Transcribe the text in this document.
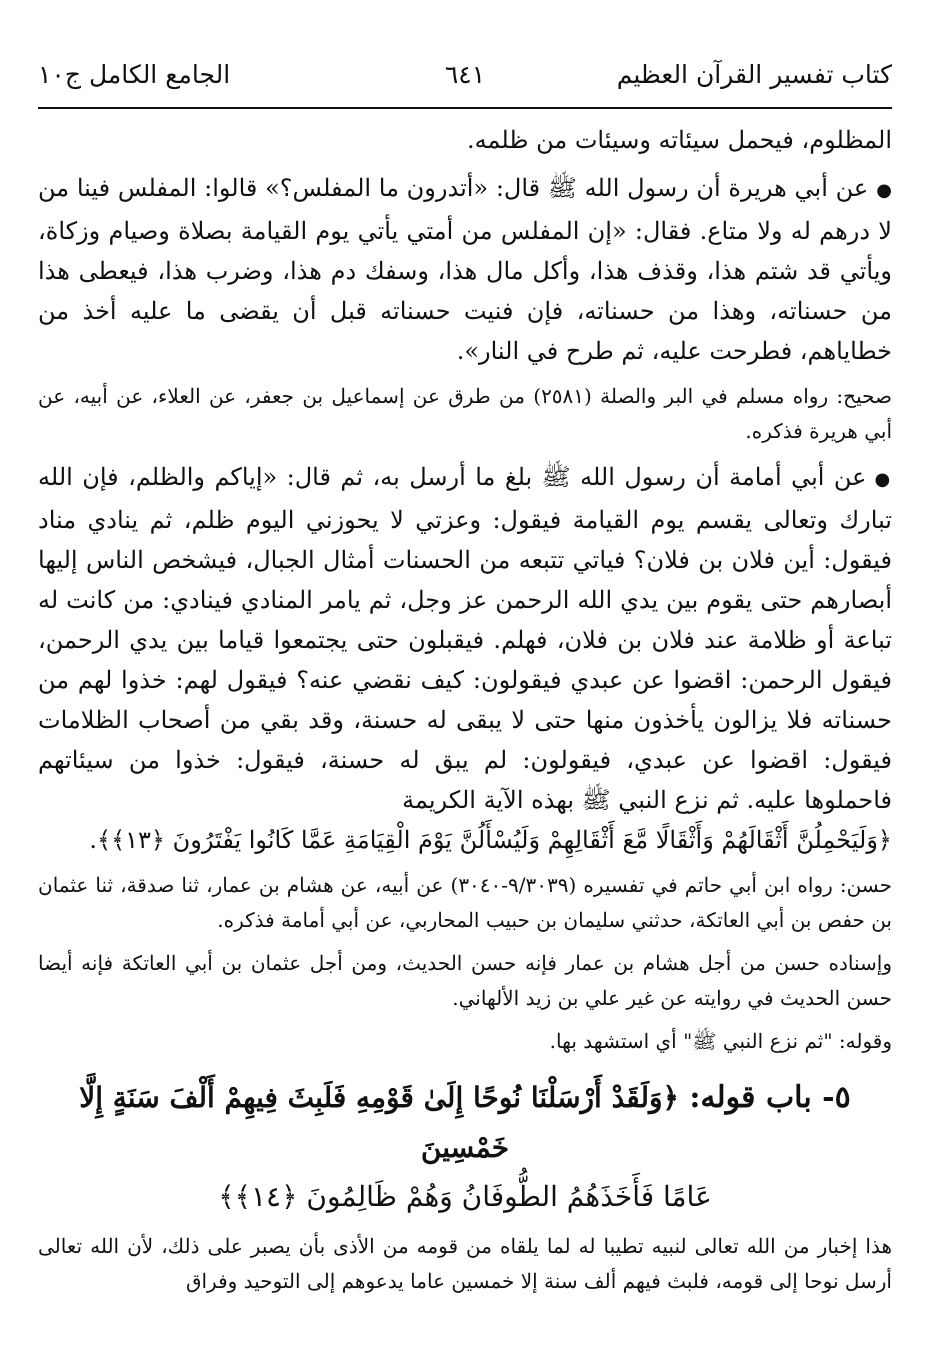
كتاب تفسير القرآن العظيم
٦٤١
الجامع الكامل ج١٠

المظلوم، فيحمل سيئاته وسيئات من ظلمه.

●عن أبي هريرة أن رسول الله ﷺ قال: «أتدرون ما المفلس؟» قالوا: المفلس فينا من لا درهم له ولا متاع. فقال: «إن المفلس من أمتي يأتي يوم القيامة بصلاة وصيام وزكاة، ويأتي قد شتم هذا، وقذف هذا، وأكل مال هذا، وسفك دم هذا، وضرب هذا، فيعطى هذا من حسناته، وهذا من حسناته، فإن فنيت حسناته قبل أن يقضى ما عليه أخذ من خطاياهم، فطرحت عليه، ثم طرح في النار».

صحيح: رواه مسلم في البر والصلة (٢٥٨١) من طرق عن إسماعيل بن جعفر، عن العلاء، عن أبيه، عن أبي هريرة فذكره.

●عن أبي أمامة أن رسول الله ﷺ بلغ ما أرسل به، ثم قال: «إياكم والظلم، فإن الله تبارك وتعالى يقسم يوم القيامة فيقول: وعزتي لا يحوزني اليوم ظلم، ثم ينادي مناد فيقول: أين فلان بن فلان؟ فياتي تتبعه من الحسنات أمثال الجبال، فيشخص الناس إليها أبصارهم حتى يقوم بين يدي الله الرحمن عز وجل، ثم يامر المنادي فينادي: من كانت له تباعة أو ظلامة عند فلان بن فلان، فهلم. فيقبلون حتى يجتمعوا قياما بين يدي الرحمن، فيقول الرحمن: اقضوا عن عبدي فيقولون: كيف نقضي عنه؟ فيقول لهم: خذوا لهم من حسناته فلا يزالون يأخذون منها حتى لا يبقى له حسنة، وقد بقي من أصحاب الظلامات فيقول: اقضوا عن عبدي، فيقولون: لم يبق له حسنة، فيقول: خذوا من سيئاتهم فاحملوها عليه. ثم نزع النبي ﷺ بهذه الآية الكريمة

﴿وَلَيَحْمِلُنَّ أَثْقَالَهُمْ وَأَثْقَالًا مَّعَ أَثْقَالِهِمْ وَلَيُسْأَلُنَّ يَوْمَ الْقِيَامَةِ عَمَّا كَانُوا يَفْتَرُونَ ﴿١٣﴾﴾.

حسن: رواه ابن أبي حاتم في تفسيره (٩/٣٠٣٩-٣٠٤٠) عن أبيه، عن هشام بن عمار، ثنا صدقة، ثنا عثمان بن حفص بن أبي العاتكة، حدثني سليمان بن حبيب المحاربي، عن أبي أمامة فذكره.

وإسناده حسن من أجل هشام بن عمار فإنه حسن الحديث، ومن أجل عثمان بن أبي العاتكة فإنه أيضا حسن الحديث في روايته عن غير علي بن زيد الألهاني.

وقوله: "ثم نزع النبي ﷺ" أي استشهد بها.

٥- باب قوله: ﴿وَلَقَدْ أَرْسَلْنَا نُوحًا إِلَىٰ قَوْمِهِ فَلَبِثَ فِيهِمْ أَلْفَ سَنَةٍ إِلَّا خَمْسِينَ
عَامًا فَأَخَذَهُمُ الطُّوفَانُ وَهُمْ ظَالِمُونَ ﴿١٤﴾﴾

هذا إخبار من الله تعالى لنبيه تطيبا له لما يلقاه من قومه من الأذى بأن يصبر على ذلك، لأن الله تعالى أرسل نوحا إلى قومه، فلبث فيهم ألف سنة إلا خمسين عاما يدعوهم إلى التوحيد وفراق
